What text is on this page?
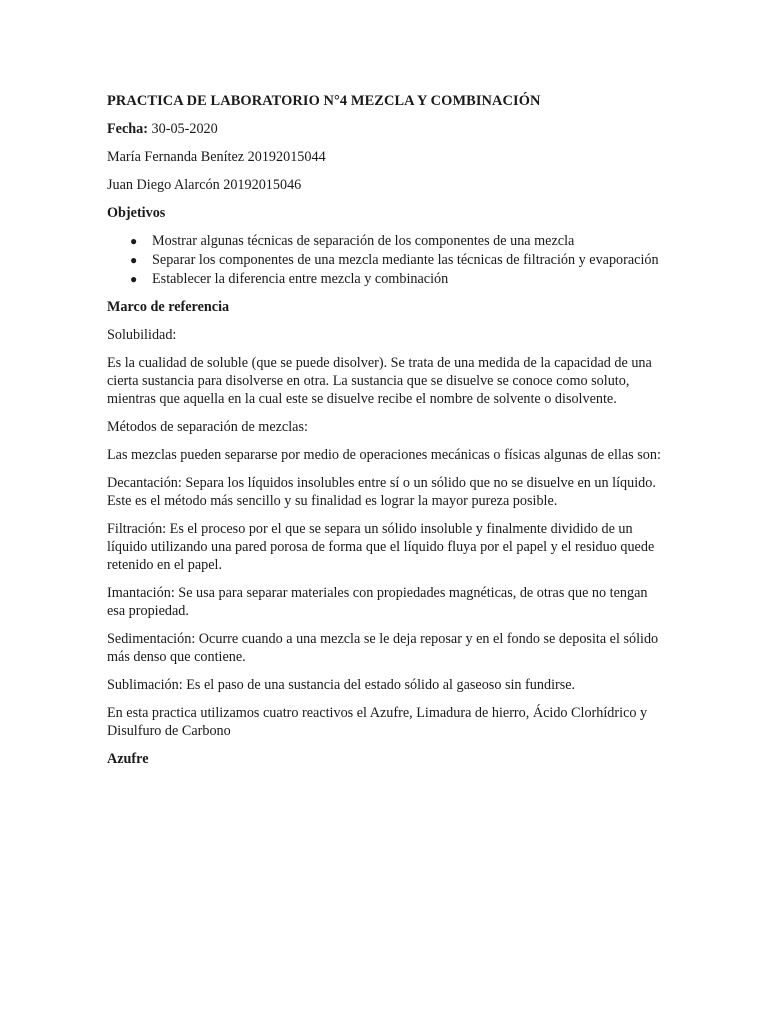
PRACTICA DE LABORATORIO N°4 MEZCLA Y COMBINACIÓN

Fecha: 30-05-2020

María Fernanda Benítez 20192015044

Juan Diego Alarcón 20192015046

Objetivos

● Mostrar algunas técnicas de separación de los componentes de una mezcla
● Separar los componentes de una mezcla mediante las técnicas de filtración y evaporación
● Establecer la diferencia entre mezcla y combinación

Marco de referencia

Solubilidad:

Es la cualidad de soluble (que se puede disolver). Se trata de una medida de la capacidad de una cierta sustancia para disolverse en otra. La sustancia que se disuelve se conoce como soluto, mientras que aquella en la cual este se disuelve recibe el nombre de solvente o disolvente.

Métodos de separación de mezclas:

Las mezclas pueden separarse por medio de operaciones mecánicas o físicas algunas de ellas son:

Decantación: Separa los líquidos insolubles entre sí o un sólido que no se disuelve en un líquido. Este es el método más sencillo y su finalidad es lograr la mayor pureza posible.

Filtración: Es el proceso por el que se separa un sólido insoluble y finalmente dividido de un líquido utilizando una pared porosa de forma que el líquido fluya por el papel y el residuo quede retenido en el papel.

Imantación: Se usa para separar materiales con propiedades magnéticas, de otras que no tengan esa propiedad.

Sedimentación: Ocurre cuando a una mezcla se le deja reposar y en el fondo se deposita el sólido más denso que contiene.

Sublimación: Es el paso de una sustancia del estado sólido al gaseoso sin fundirse.

En esta practica utilizamos cuatro reactivos el Azufre, Limadura de hierro, Ácido Clorhídrico y Disulfuro de Carbono

Azufre
